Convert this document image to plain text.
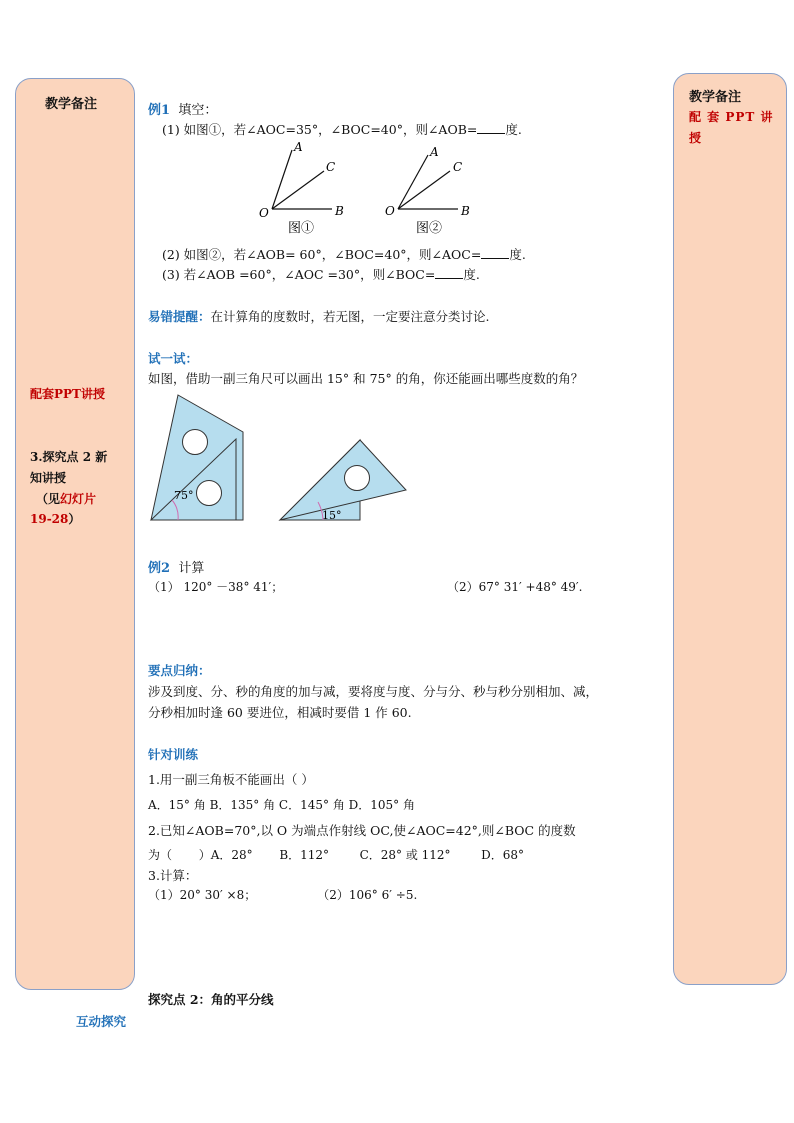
教学备注
配套PPT讲授
3.探究点 2 新
知讲授
（见幻灯片
19-28）
教学备注
配 套 PPT 讲
授
例1 填空：
(1) 如图①，若∠AOC=35°，∠BOC=40°，则∠AOB= 度.
A
C
B
O
图①
A
C
B
O
图②
(2) 如图②，若∠AOB= 60°，∠BOC=40°，则∠AOC= 度.
(3) 若∠AOB =60°，∠AOC =30°，则∠BOC= 度.
易错提醒：在计算角的度数时，若无图，一定要注意分类讨论.
试一试：
如图，借助一副三角尺可以画出 15° 和 75° 的角，你还能画出哪些度数的角？
75°
15°
例2 计算
（1） 120° －38° 41′；	（2）67° 31′ +48° 49′.
要点归纳：
涉及到度、分、秒的角度的加与减，要将度与度、分与分、秒与秒分别相加、减，
分秒相加时逢 60 要进位，相减时要借 1 作 60.
针对训练
1.用一副三角板不能画出（ ）
A．15° 角 B．135° 角 C．145° 角 D．105° 角
2.已知∠AOB=70°,以 O 为端点作射线 OC,使∠AOC=42°,则∠BOC 的度数
为（       ）A．28°       B．112°        C．28° 或 112°        D．68°
3.计算：
（1）20° 30′ ×8；                （2）106° 6′ ÷5.
探究点 2：角的平分线
互动探究
